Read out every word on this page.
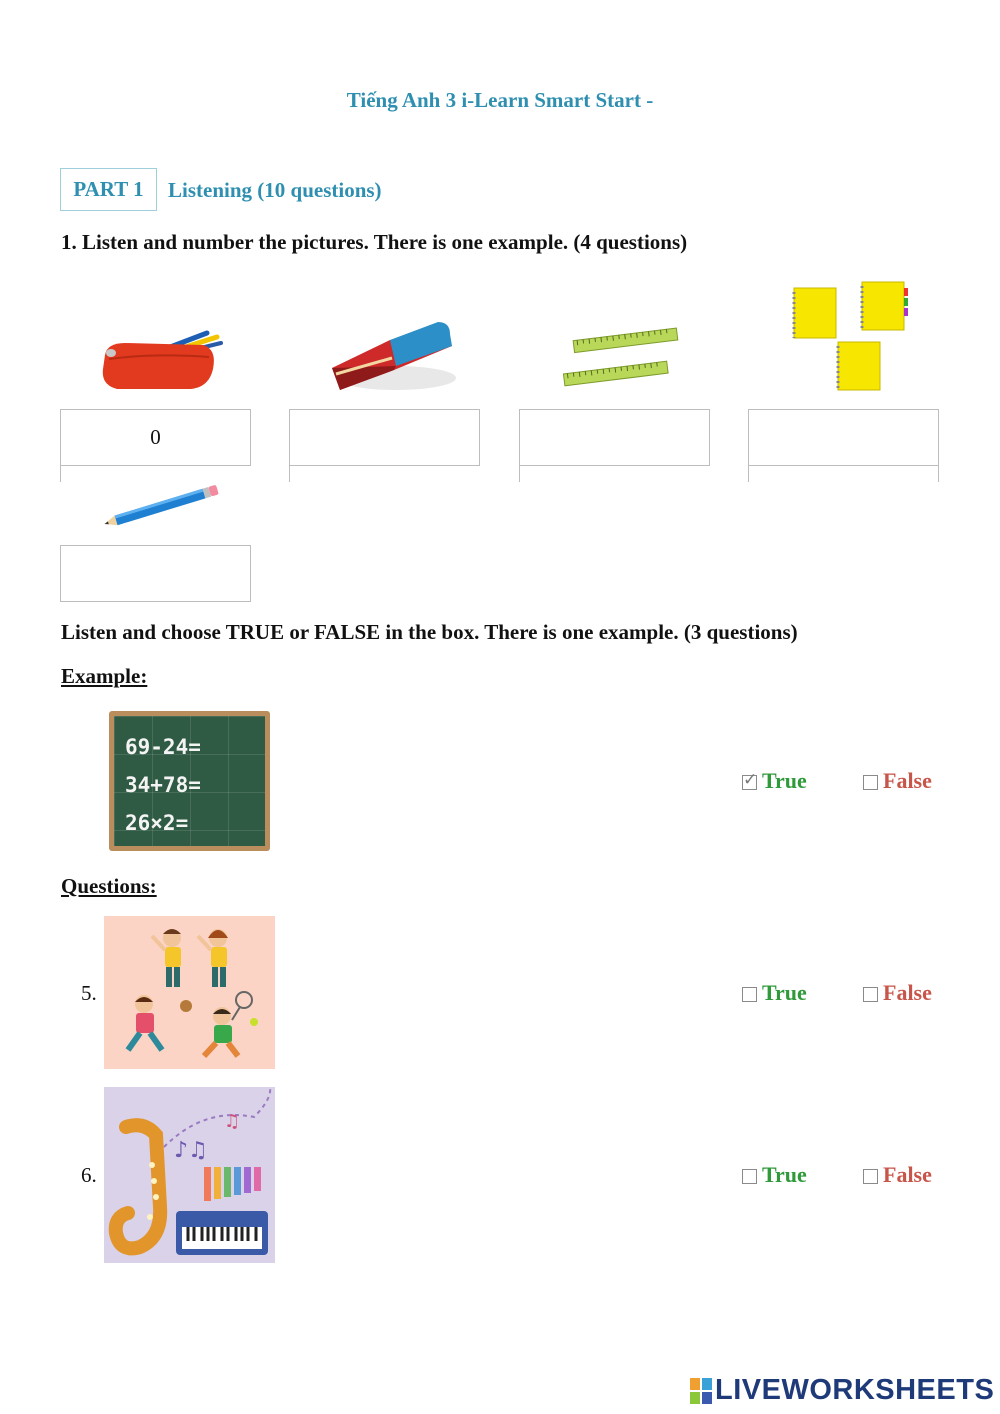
Tiếng Anh 3 i-Learn Smart Start -
PART 1	Listening (10 questions)
1. Listen and number the pictures. There is one example. (4 questions)
0
Listen and choose TRUE or FALSE in the box. There is one example. (3 questions)
Example:
69-24=
34+78=
26×2=
✓
True	False
Questions:
5.	True	False
6.
♪♫
♫
True	False
LIVEWORKSHEETS
